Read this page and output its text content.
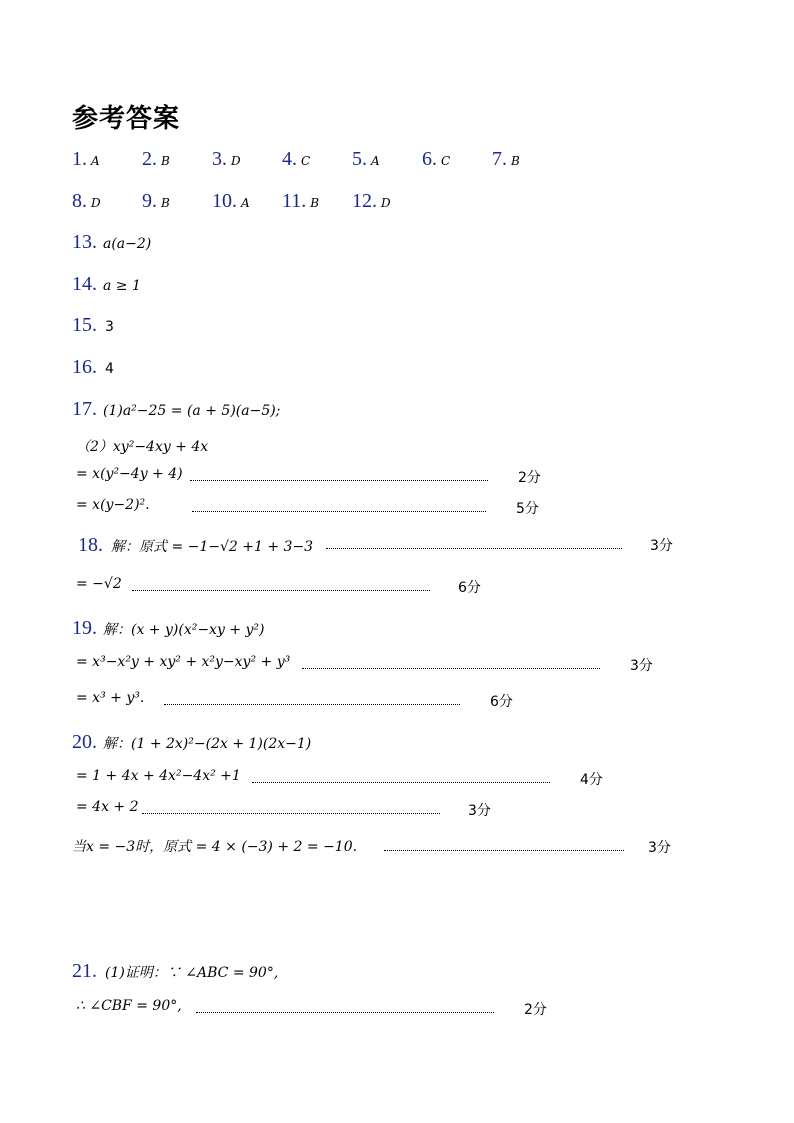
参考答案
1. A 2. B 3. D 4. C 5. A 6. C 7. B
8. D 9. B 10. A 11. B 12. D
13. a(a−2)
14. a ≥ 1
15. 3
16. 4
17. (1)a²−25 = (a + 5)(a−5);
（2）xy²−4xy + 4x
= x(y²−4y + 4)	2分
= x(y−2)².	5分
18. 解：原式 = −1−√2 +1 + 3−3	3分
= −√2	6分
19. 解：(x + y)(x²−xy + y²)
= x³−x²y + xy² + x²y−xy² + y³	3分
= x³ + y³.	6分
20. 解：(1 + 2x)²−(2x + 1)(2x−1)
= 1 + 4x + 4x²−4x² +1	4分
= 4x + 2	3分
当x = −3时，原式 = 4 × (−3) + 2 = −10.	3分
21. (1)证明：∵ ∠ABC = 90°,
∴ ∠CBF = 90°,	2分
